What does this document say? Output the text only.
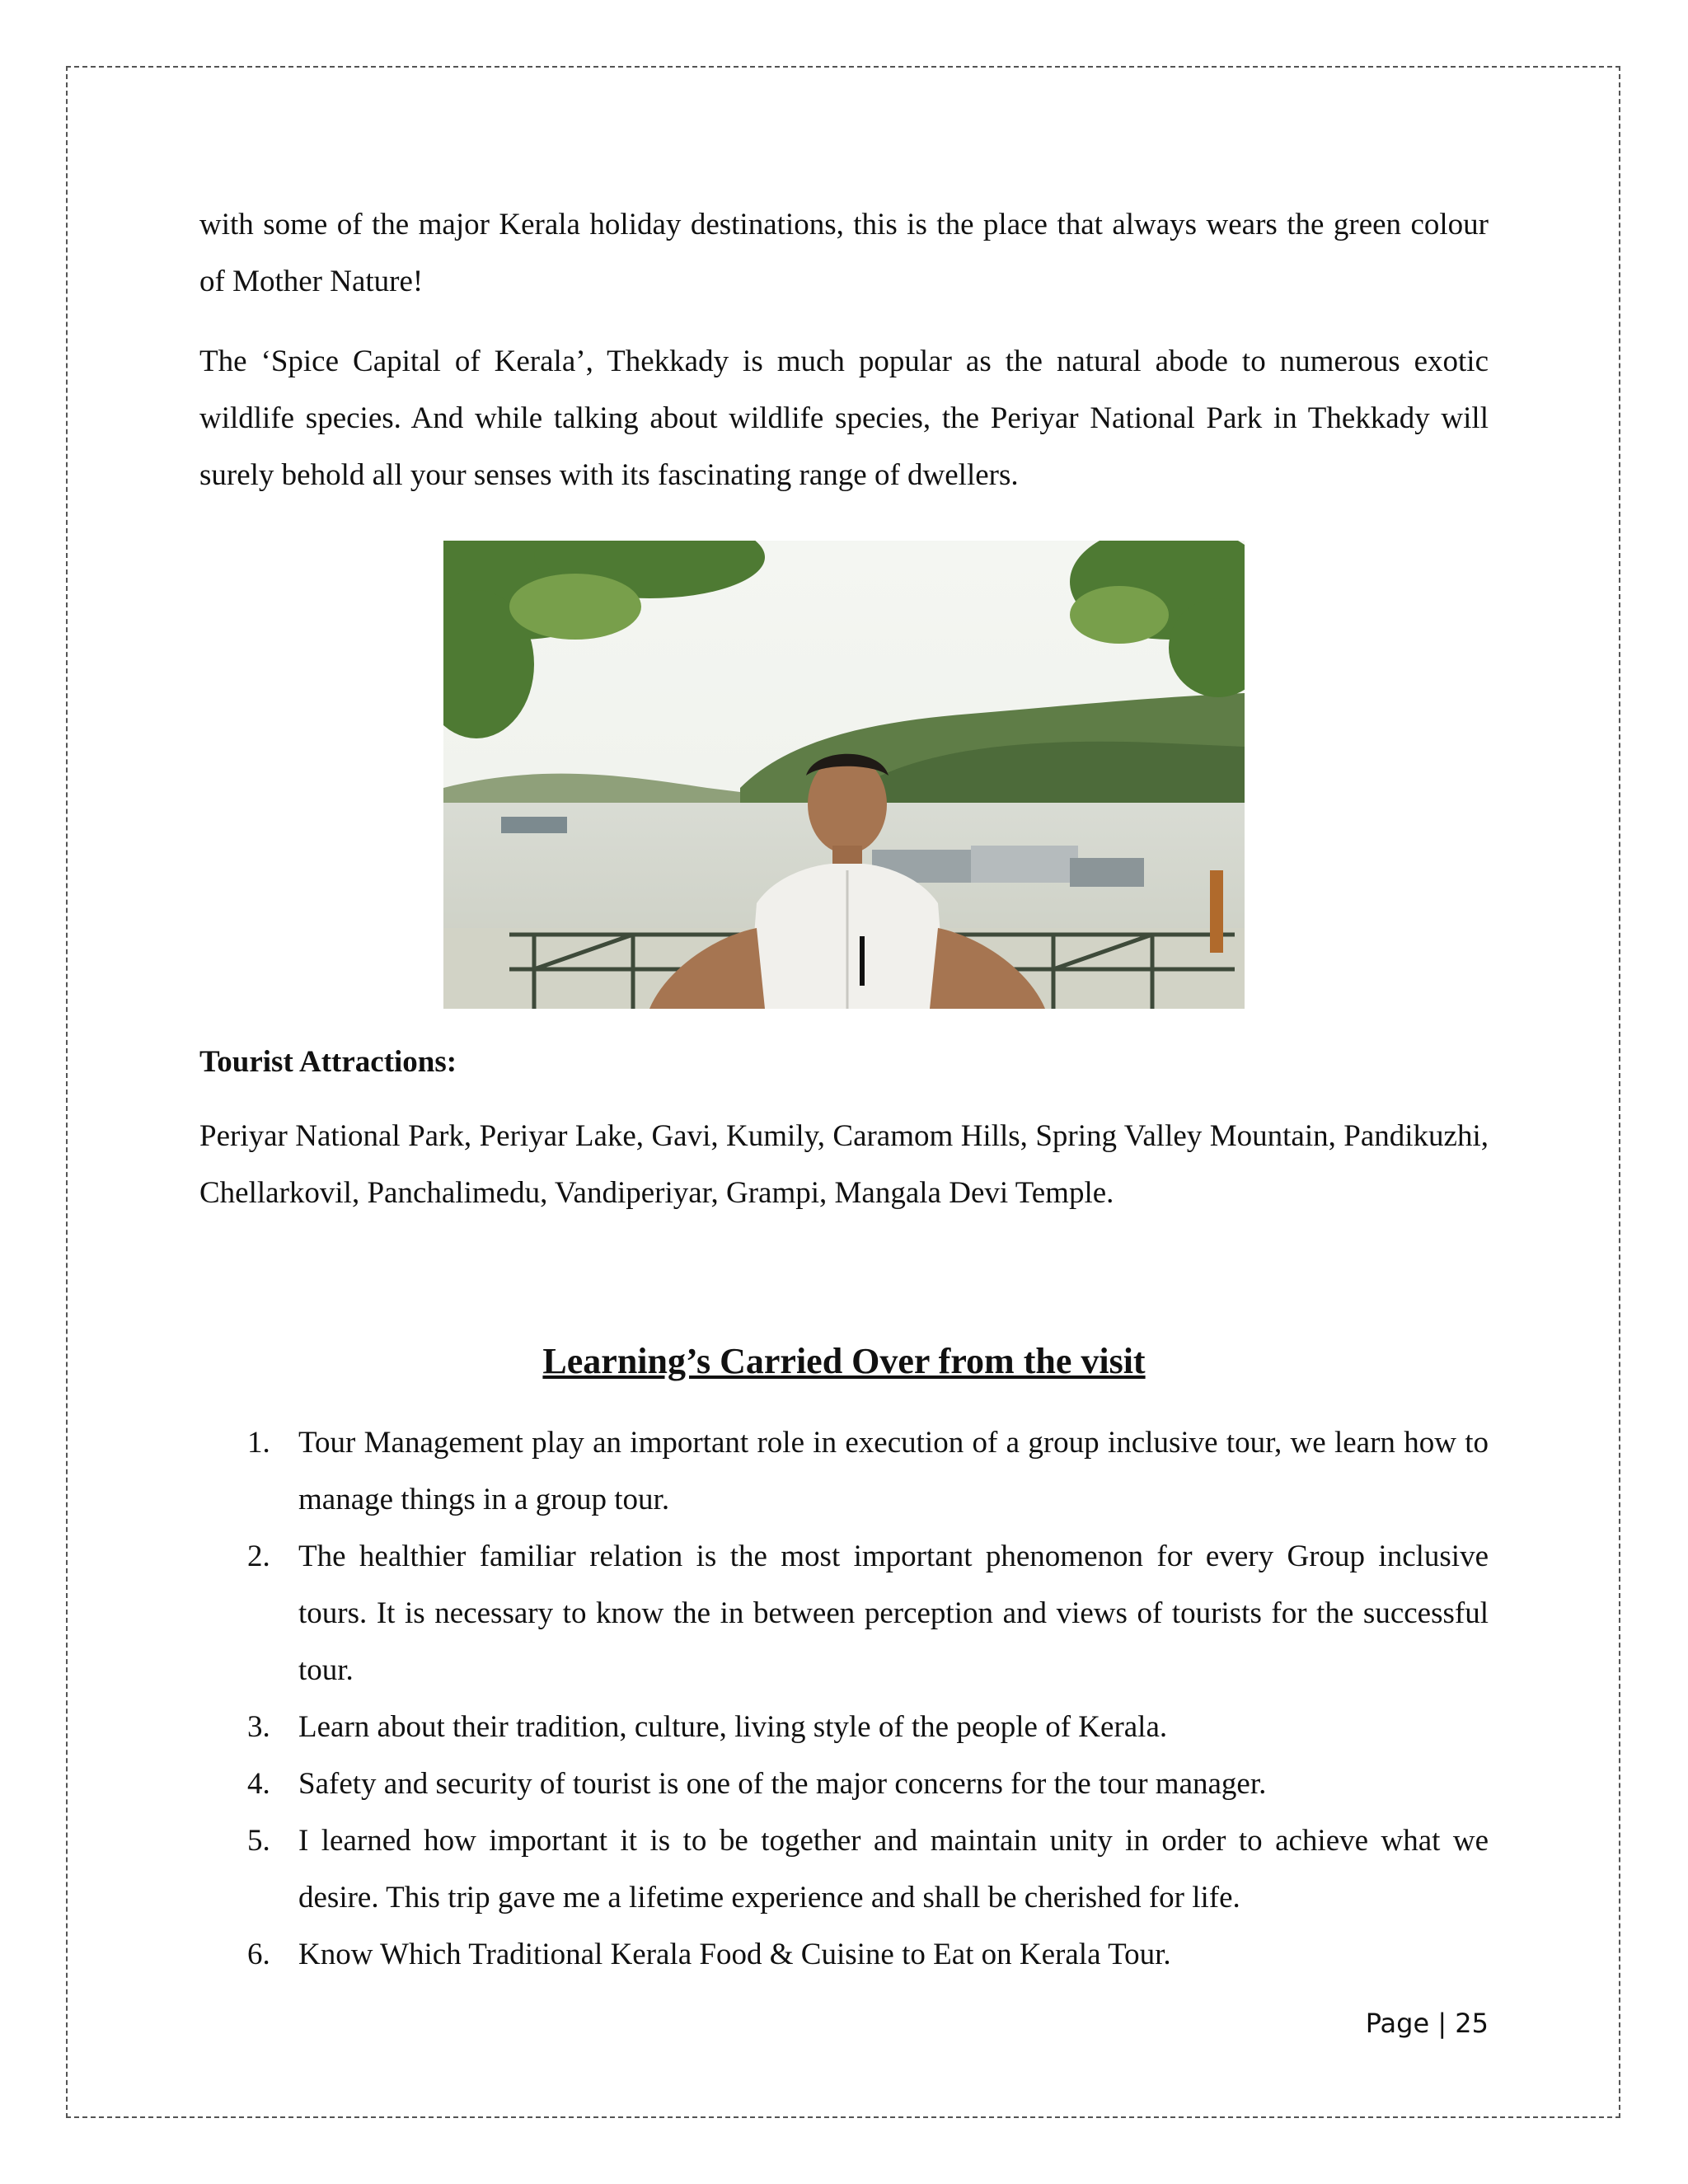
with some of the major Kerala holiday destinations, this is the place that always wears the green colour of Mother Nature!

The ‘Spice Capital of Kerala’, Thekkady is much popular as the natural abode to numerous exotic wildlife species. And while talking about wildlife species, the Periyar National Park in Thekkady will surely behold all your senses with its fascinating range of dwellers.

Tourist Attractions:

Periyar National Park, Periyar Lake, Gavi, Kumily, Caramom Hills, Spring Valley Mountain, Pandikuzhi, Chellarkovil, Panchalimedu, Vandiperiyar, Grampi, Mangala Devi Temple.

Learning’s Carried Over from the visit

1. Tour Management play an important role in execution of a group inclusive tour, we learn how to manage things in a group tour.
2. The healthier familiar relation is the most important phenomenon for every Group inclusive tours. It is necessary to know the in between perception and views of tourists for the successful tour.
3. Learn about their tradition, culture, living style of the people of Kerala.
4. Safety and security of tourist is one of the major concerns for the tour manager.
5. I learned how important it is to be together and maintain unity in order to achieve what we desire. This trip gave me a lifetime experience and shall be cherished for life.
6. Know Which Traditional Kerala Food & Cuisine to Eat on Kerala Tour.
Page | 25
